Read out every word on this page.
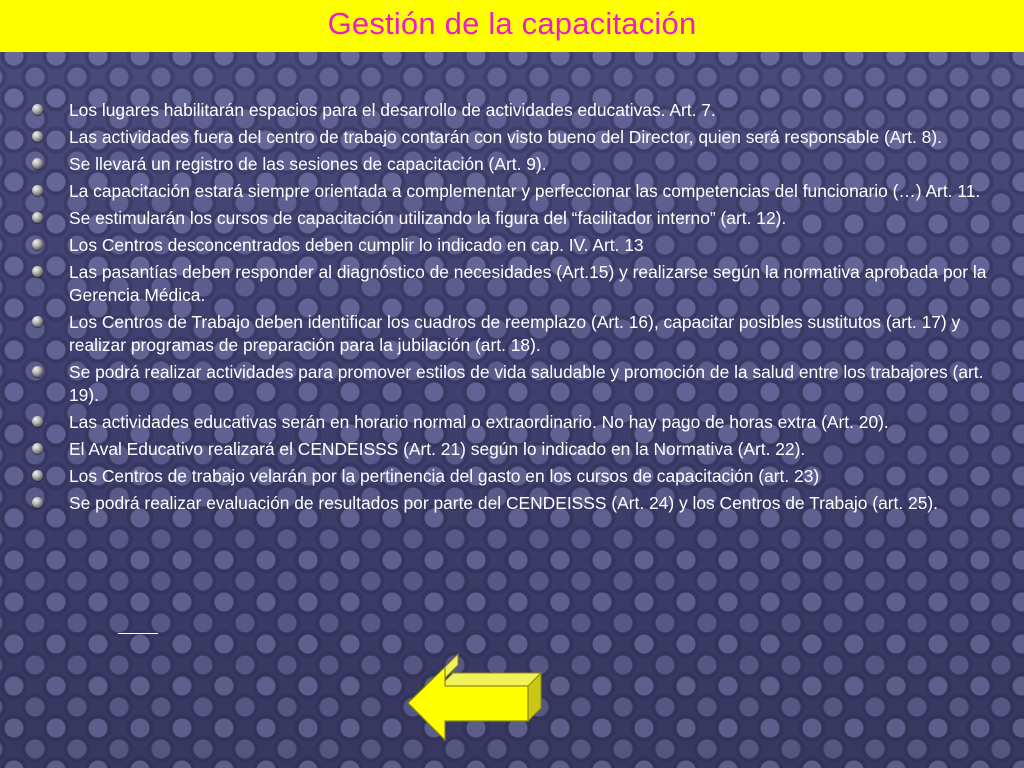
Gestión de la capacitación
Los lugares habilitarán espacios para el desarrollo de actividades educativas. Art. 7.
Las actividades fuera del centro de trabajo contarán con visto bueno del Director, quien será responsable (Art. 8).
Se llevará un registro de las sesiones de capacitación (Art. 9).
La capacitación estará siempre orientada a complementar y perfeccionar las competencias del funcionario (…) Art. 11.
Se estimularán los cursos de capacitación utilizando la figura del “facilitador interno” (art. 12).
Los Centros desconcentrados deben cumplir lo indicado en cap. IV. Art. 13
Las pasantías deben responder al diagnóstico de necesidades (Art.15) y realizarse según la normativa aprobada por la Gerencia Médica.
Los Centros de Trabajo deben identificar los cuadros de reemplazo (Art. 16), capacitar posibles sustitutos (art. 17) y realizar programas de preparación para la jubilación (art. 18).
Se podrá realizar actividades para promover estilos de vida saludable y promoción de la salud entre los trabajores (art. 19).
Las actividades educativas serán en horario normal o extraordinario. No hay pago de horas extra (Art. 20).
El Aval Educativo realizará el CENDEISSS (Art. 21) según lo indicado en la Normativa (Art. 22).
Los Centros de trabajo velarán por la pertinencia del gasto en los cursos de capacitación (art. 23)
Se podrá realizar evaluación de resultados por parte del CENDEISSS (Art. 24) y los Centros de Trabajo (art. 25).
